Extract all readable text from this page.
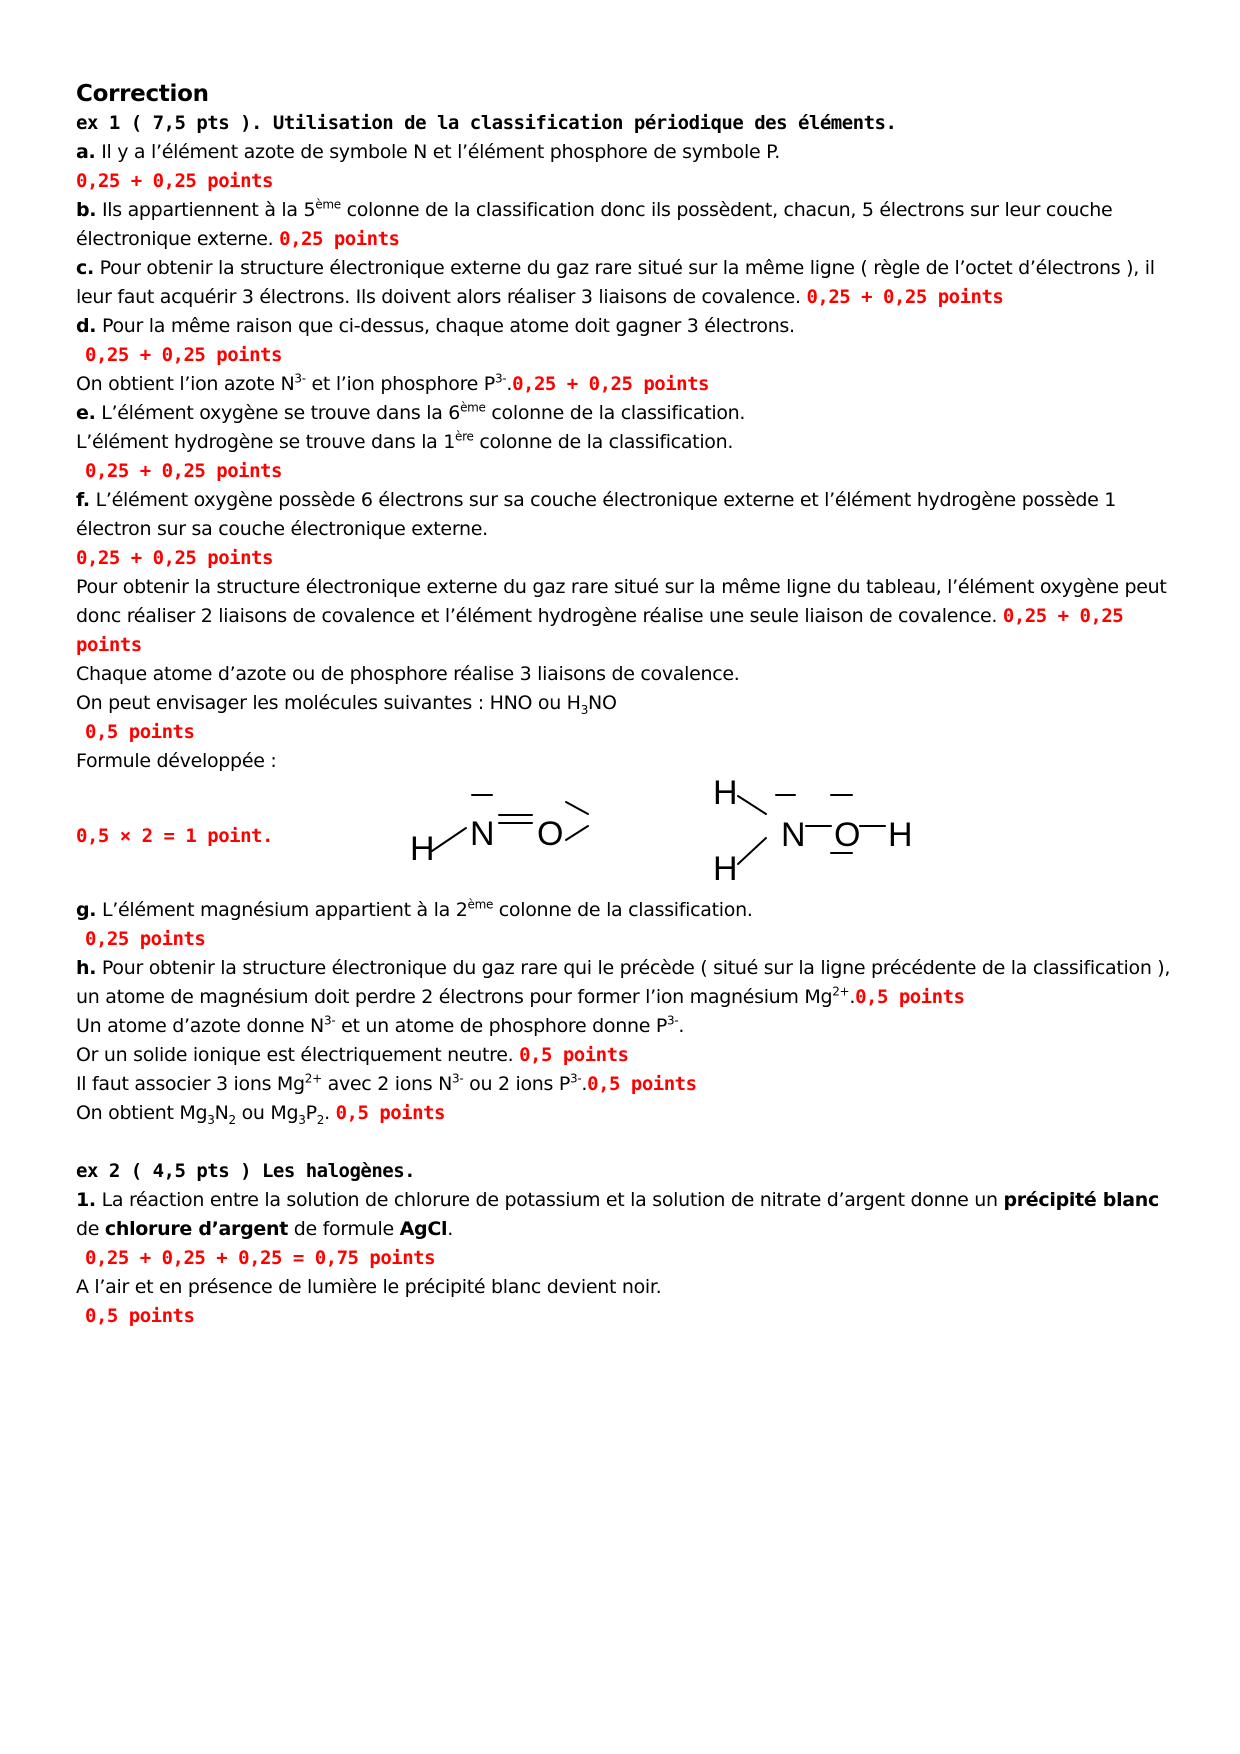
Correction
ex 1 ( 7,5 pts ). Utilisation de la classification périodique des éléments.
a. Il y a l’élément azote de symbole N et l’élément phosphore de symbole P.
0,25 + 0,25 points
b. Ils appartiennent à la 5ème colonne de la classification donc ils possèdent, chacun, 5 électrons sur leur couche électronique externe. 0,25 points
c. Pour obtenir la structure électronique externe du gaz rare situé sur la même ligne ( règle de l’octet d’électrons ), il leur faut acquérir 3 électrons. Ils doivent alors réaliser 3 liaisons de covalence. 0,25 + 0,25 points
d. Pour la même raison que ci-dessus, chaque atome doit gagner 3 électrons.
0,25 + 0,25 points
On obtient l’ion azote $N^{3-}$ et l’ion phosphore $P^{3-}.0,25 + 0,25$ points
e. L’élément oxygène se trouve dans la 6ème colonne de la classification.
L’élément hydrogène se trouve dans la 1ère colonne de la classification.
0,25 + 0,25 points
f. L’élément oxygène possède 6 électrons sur sa couche électronique externe et l’élément hydrogène possède 1 électron sur sa couche électronique externe.
0,25 + 0,25 points
Pour obtenir la structure électronique externe du gaz rare situé sur la même ligne du tableau, l’élément oxygène peut donc réaliser 2 liaisons de covalence et l’élément hydrogène réalise une seule liaison de covalence. 0,25 + 0,25 points
Chaque atome d’azote ou de phosphore réalise 3 liaisons de covalence.
On peut envisager les molécules suivantes : HNO ou $H_3NO$
0,5 points
Formule développée :
0,5 × 2 = 1 point.	H N O
H
H
N O H
g. L’élément magnésium appartient à la 2ème colonne de la classification.
0,25 points
h. Pour obtenir la structure électronique du gaz rare qui le précède ( situé sur la ligne précédente de la classification ), un atome de magnésium doit perdre 2 électrons pour former l’ion magnésium $Mg^{2+}.0,5$ points
Un atome d’azote donne $N^{3-}$ et un atome de phosphore donne $P^{3-}$.
Or un solide ionique est électriquement neutre. 0,5 points
Il faut associer 3 ions $Mg^{2+}$ avec 2 ions $N^{3-}$ ou 2 ions $P^{3-}.0,5$ points
On obtient $Mg_3N_2$ ou $Mg_3P_2$. 0,5 points
ex 2 ( 4,5 pts ) Les halogènes.
1. La réaction entre la solution de chlorure de potassium et la solution de nitrate d’argent donne un précipité blanc de chlorure d’argent de formule AgCl.
0,25 + 0,25 + 0,25 = 0,75 points
A l’air et en présence de lumière le précipité blanc devient noir.
0,5 points
